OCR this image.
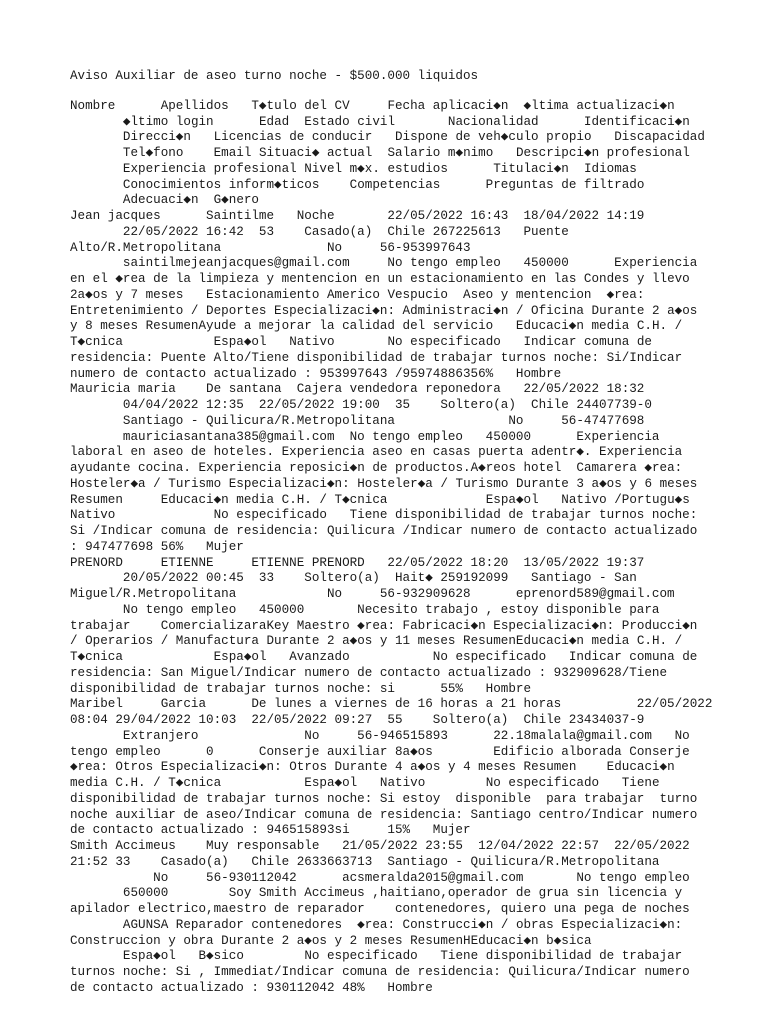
Aviso Auxiliar de aseo turno noche - $500.000 liquidos
Nombre      Apellidos   T◆tulo del CV     Fecha aplicaci◆n  ◆ltima actualizaci◆n
◆ltimo login      Edad  Estado civil       Nacionalidad      Identificaci◆n
Direcci◆n   Licencias de conducir   Dispone de veh◆culo propio   Discapacidad
Tel◆fono    Email Situaci◆ actual  Salario m◆nimo   Descripci◆n profesional
Experiencia profesional Nivel m◆x. estudios      Titulaci◆n  Idiomas
Conocimientos inform◆ticos    Competencias      Preguntas de filtrado
Adecuaci◆n  G◆nero
Jean jacques      Saintilme   Noche       22/05/2022 16:43  18/04/2022 14:19
22/05/2022 16:42  53    Casado(a)  Chile 267225613   Puente
Alto/R.Metropolitana              No     56-953997643
saintilmejeanjacques@gmail.com     No tengo empleo   450000      Experiencia
en el ◆rea de la limpieza y mentencion en un estacionamiento en las Condes y llevo
2a◆os y 7 meses   Estacionamiento Americo Vespucio  Aseo y mentencion  ◆rea:
Entretenimiento / Deportes Especializaci◆n: Administraci◆n / Oficina Durante 2 a◆os
y 8 meses ResumenAyude a mejorar la calidad del servicio   Educaci◆n media C.H. /
T◆cnica            Espa◆ol   Nativo       No especificado   Indicar comuna de
residencia: Puente Alto/Tiene disponibilidad de trabajar turnos noche: Si/Indicar
numero de contacto actualizado : 953997643 /95974886356%   Hombre
Mauricia maria    De santana  Cajera vendedora reponedora   22/05/2022 18:32
04/04/2022 12:35  22/05/2022 19:00  35    Soltero(a)  Chile 24407739-0
Santiago - Quilicura/R.Metropolitana               No     56-47477698
mauriciasantana385@gmail.com  No tengo empleo   450000      Experiencia
laboral en aseo de hoteles. Experiencia aseo en casas puerta adentr◆. Experiencia
ayudante cocina. Experiencia reposici◆n de productos.A◆reos hotel  Camarera ◆rea:
Hosteler◆a / Turismo Especializaci◆n: Hosteler◆a / Turismo Durante 3 a◆os y 6 meses
Resumen     Educaci◆n media C.H. / T◆cnica             Espa◆ol   Nativo /Portugu◆s
Nativo             No especificado   Tiene disponibilidad de trabajar turnos noche:
Si /Indicar comuna de residencia: Quilicura /Indicar numero de contacto actualizado
: 947477698 56%   Mujer
PRENORD     ETIENNE     ETIENNE PRENORD   22/05/2022 18:20  13/05/2022 19:37
20/05/2022 00:45  33    Soltero(a)  Hait◆ 259192099   Santiago - San
Miguel/R.Metropolitana            No     56-932909628      eprenord589@gmail.com
No tengo empleo   450000       Necesito trabajo , estoy disponible para
trabajar    ComercializaraKey Maestro ◆rea: Fabricaci◆n Especializaci◆n: Producci◆n
/ Operarios / Manufactura Durante 2 a◆os y 11 meses ResumenEducaci◆n media C.H. /
T◆cnica            Espa◆ol   Avanzado           No especificado   Indicar comuna de
residencia: San Miguel/Indicar numero de contacto actualizado : 932909628/Tiene
disponibilidad de trabajar turnos noche: si      55%   Hombre
Maribel     Garcia      De lunes a viernes de 16 horas a 21 horas          22/05/2022
08:04 29/04/2022 10:03  22/05/2022 09:27  55    Soltero(a)  Chile 23434037-9
Extranjero              No     56-946515893      22.18malala@gmail.com   No
tengo empleo      0      Conserje auxiliar 8a◆os        Edificio alborada Conserje
◆rea: Otros Especializaci◆n: Otros Durante 4 a◆os y 4 meses Resumen    Educaci◆n
media C.H. / T◆cnica           Espa◆ol   Nativo        No especificado   Tiene
disponibilidad de trabajar turnos noche: Si estoy  disponible  para trabajar  turno
noche auxiliar de aseo/Indicar comuna de residencia: Santiago centro/Indicar numero
de contacto actualizado : 946515893si     15%   Mujer
Smith Accimeus    Muy responsable   21/05/2022 23:55  12/04/2022 22:57  22/05/2022
21:52 33    Casado(a)   Chile 2633663713  Santiago - Quilicura/R.Metropolitana
No     56-930112042      acsmeralda2015@gmail.com       No tengo empleo
650000        Soy Smith Accimeus ,haitiano,operador de grua sin licencia y
apilador electrico,maestro de reparador    contenedores, quiero una pega de noches
AGUNSA Reparador contenedores  ◆rea: Construcci◆n / obras Especializaci◆n:
Construccion y obra Durante 2 a◆os y 2 meses ResumenHEducaci◆n b◆sica
Espa◆ol   B◆sico        No especificado   Tiene disponibilidad de trabajar
turnos noche: Si , Immediat/Indicar comuna de residencia: Quilicura/Indicar numero
de contacto actualizado : 930112042 48%   Hombre
